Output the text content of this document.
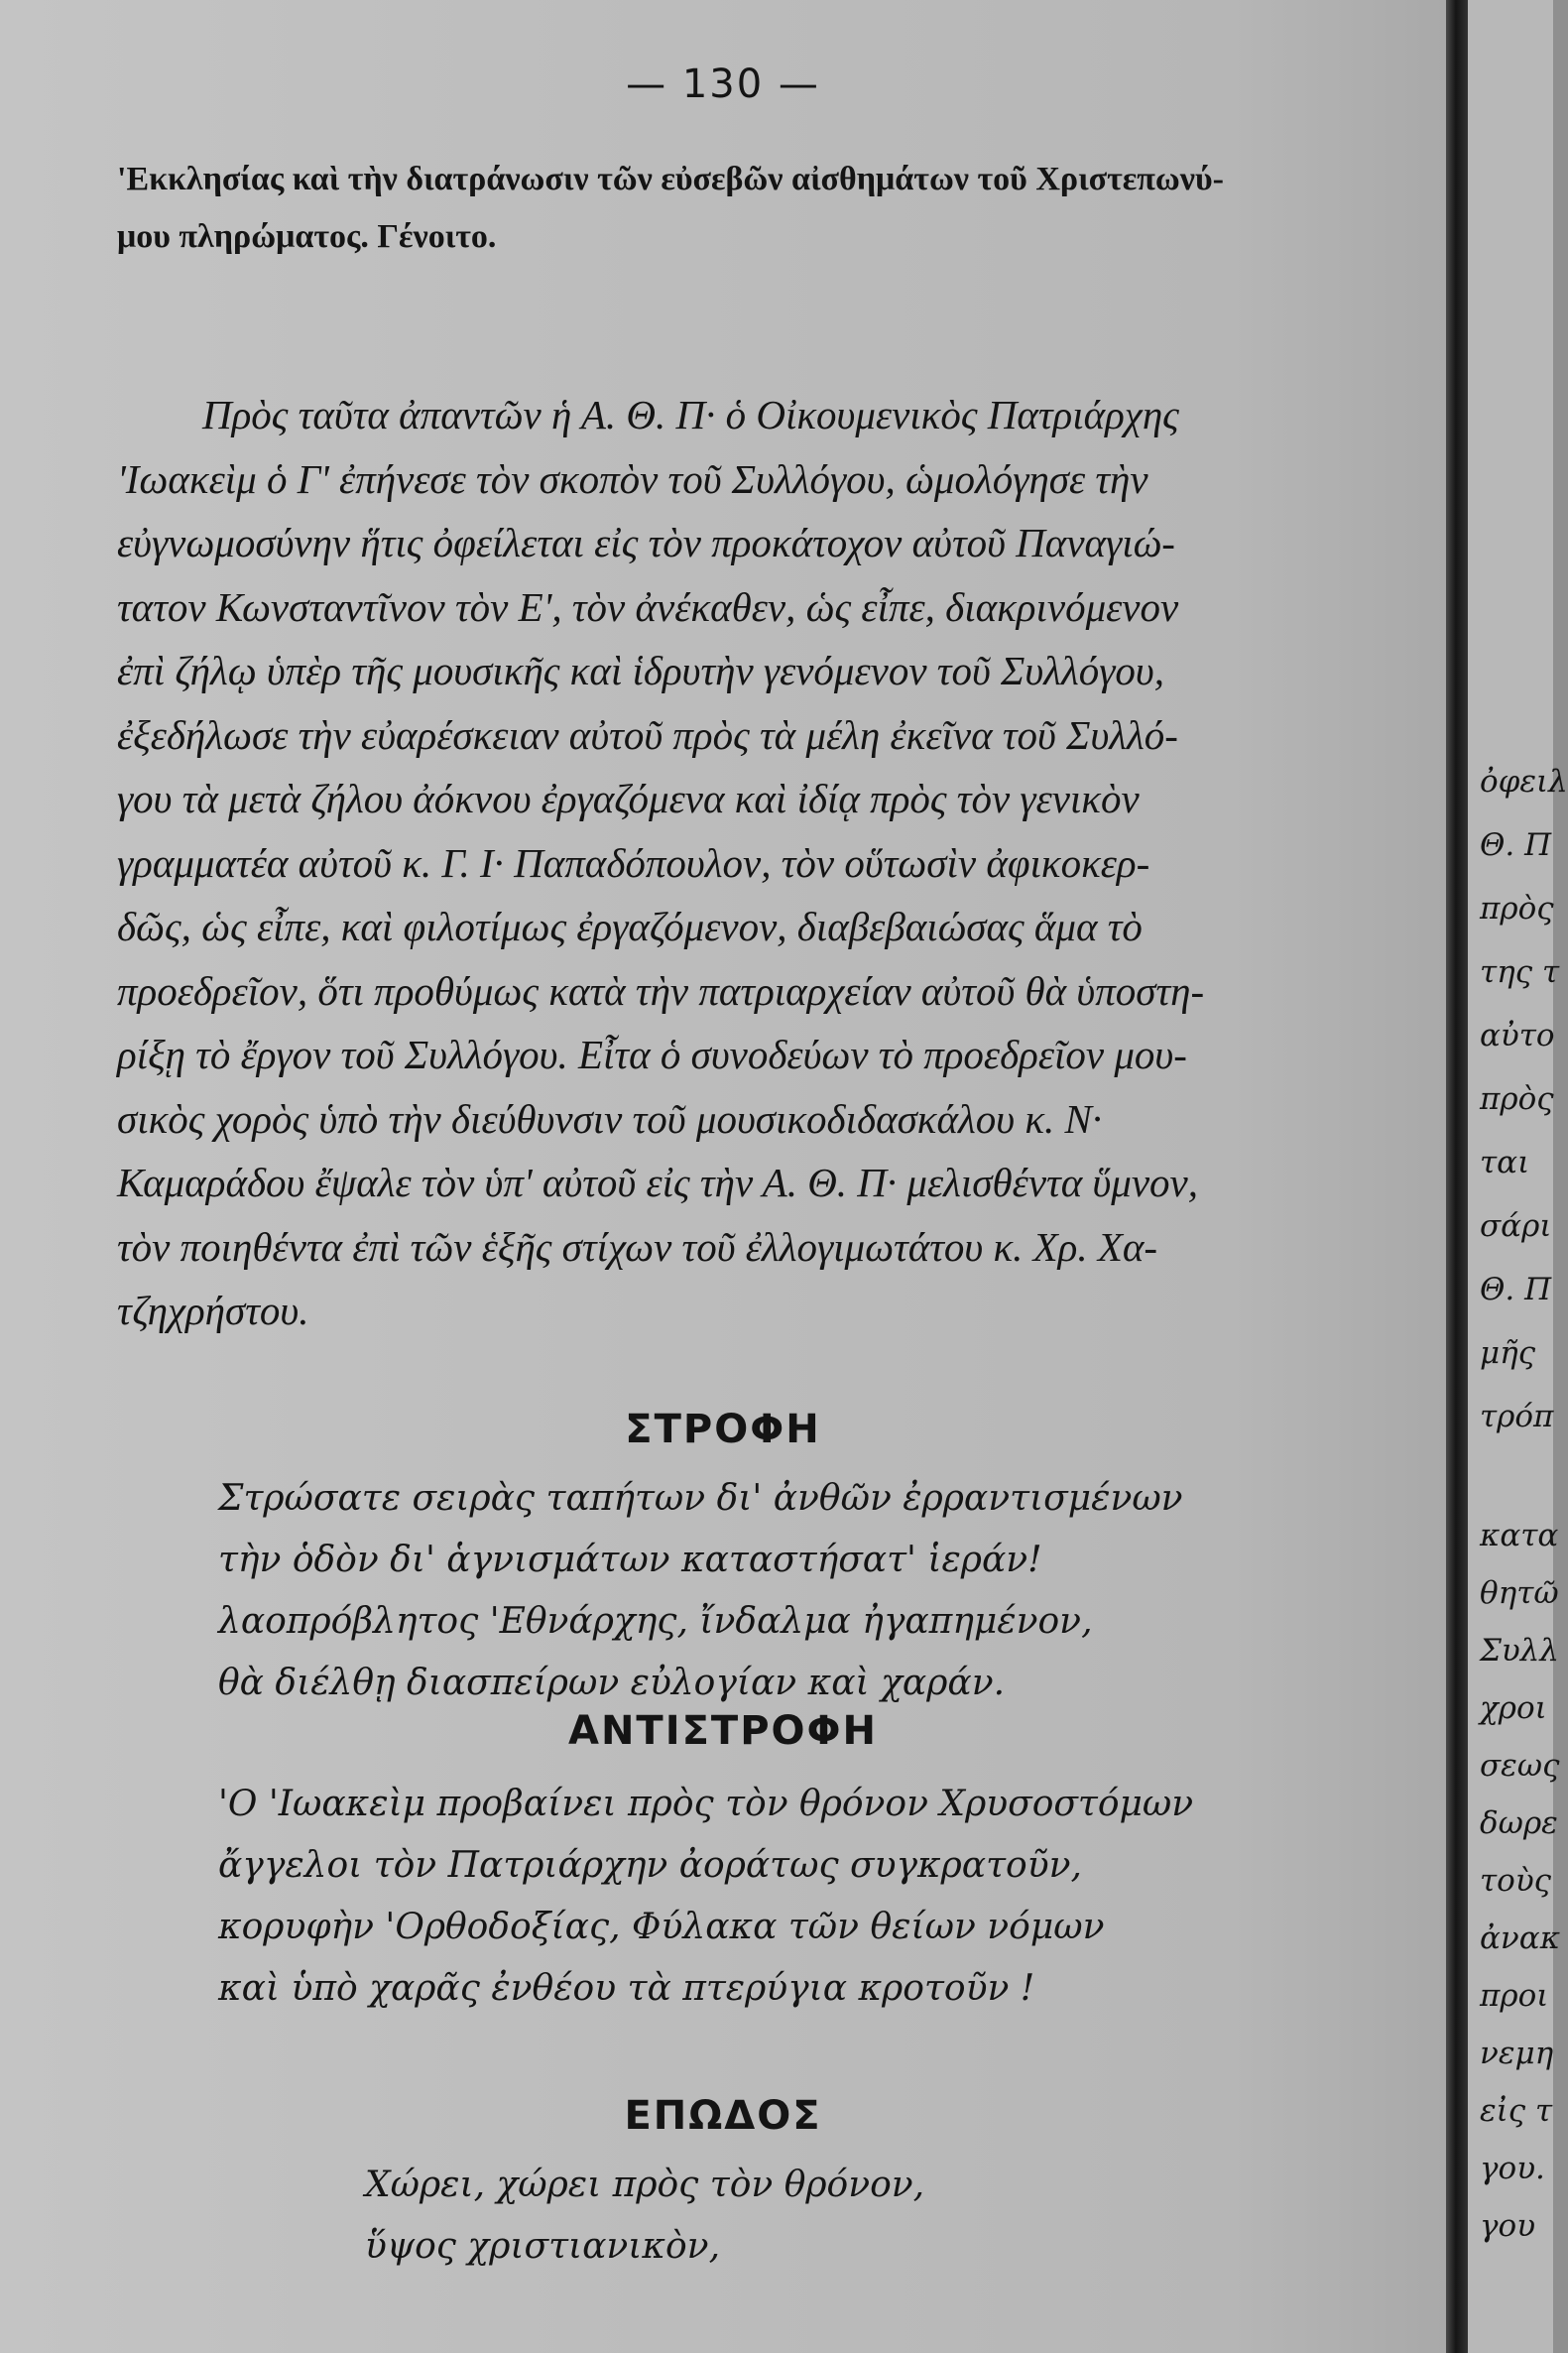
— 130 —
'Εκκλησίας καὶ τὴν διατράνωσιν τῶν εὐσεβῶν αἰσθημάτων τοῦ Χριστεπωνύ-
μου πληρώματος. Γένοιτο.
Πρὸς ταῦτα ἀπαντῶν ἡ Α. Θ. Π· ὁ Οἰκουμενικὸς Πατριάρχης
'Ιωακεὶμ ὁ Γ' ἐπήνεσε τὸν σκοπὸν τοῦ Συλλόγου, ὡμολόγησε τὴν
εὐγνωμοσύνην ἥτις ὀφείλεται εἰς τὸν προκάτοχον αὐτοῦ Παναγιώ-
τατον Κωνσταντῖνον τὸν Ε', τὸν ἀνέκαθεν, ὡς εἶπε, διακρινόμενον
ἐπὶ ζήλῳ ὑπὲρ τῆς μουσικῆς καὶ ἱδρυτὴν γενόμενον τοῦ Συλλόγου,
ἐξεδήλωσε τὴν εὐαρέσκειαν αὐτοῦ πρὸς τὰ μέλη ἐκεῖνα τοῦ Συλλό-
γου τὰ μετὰ ζήλου ἀόκνου ἐργαζόμενα καὶ ἰδίᾳ πρὸς τὸν γενικὸν
γραμματέα αὐτοῦ κ. Γ. Ι· Παπαδόπουλον, τὸν οὕτωσὶν ἀφικοκερ-
δῶς, ὡς εἶπε, καὶ φιλοτίμως ἐργαζόμενον, διαβεβαιώσας ἅμα τὸ
προεδρεῖον, ὅτι προθύμως κατὰ τὴν πατριαρχείαν αὐτοῦ θὰ ὑποστη-
ρίξῃ τὸ ἔργον τοῦ Συλλόγου. Εἶτα ὁ συνοδεύων τὸ προεδρεῖον μου-
σικὸς χορὸς ὑπὸ τὴν διεύθυνσιν τοῦ μουσικοδιδασκάλου κ. Ν·
Καμαράδου ἔψαλε τὸν ὑπ' αὐτοῦ εἰς τὴν Α. Θ. Π· μελισθέντα ὕμνον,
τὸν ποιηθέντα ἐπὶ τῶν ἑξῆς στίχων τοῦ ἐλλογιμωτάτου κ. Χρ. Χα-
τζηχρήστου.
ΣΤΡΟΦΗ
Στρώσατε σειρὰς ταπήτων δι' ἀνθῶν ἐρραντισμένων
τὴν ὁδὸν δι' ἁγνισμάτων καταστήσατ' ἱεράν!
λαοπρόβλητος 'Εθνάρχης, ἴνδαλμα ἠγαπημένον,
θὰ διέλθῃ διασπείρων εὐλογίαν καὶ χαράν.
ΑΝΤΙΣΤΡΟΦΗ
'Ο 'Ιωακεὶμ προβαίνει πρὸς τὸν θρόνον Χρυσοστόμων
ἄγγελοι τὸν Πατριάρχην ἀοράτως συγκρατοῦν,
κορυφὴν 'Ορθοδοξίας, Φύλακα τῶν θείων νόμων
καὶ ὑπὸ χαρᾶς ἐνθέου τὰ πτερύγια κροτοῦν !
ΕΠΩΔΟΣ
Χώρει, χώρει πρὸς τὸν θρόνον,
ὕψος χριστιανικὸν,
ὀφειλ
Θ. Π
πρὸς
της τ
αὐτο
πρὸς
ται
σάρι
Θ. Π
μῆς
τρόπ
κατα
θητῶ
Συλλ
χροι
σεως
δωρε
τοὺς
ἀνακ
προι
νεμη
εἰς τ
γου.
γου
